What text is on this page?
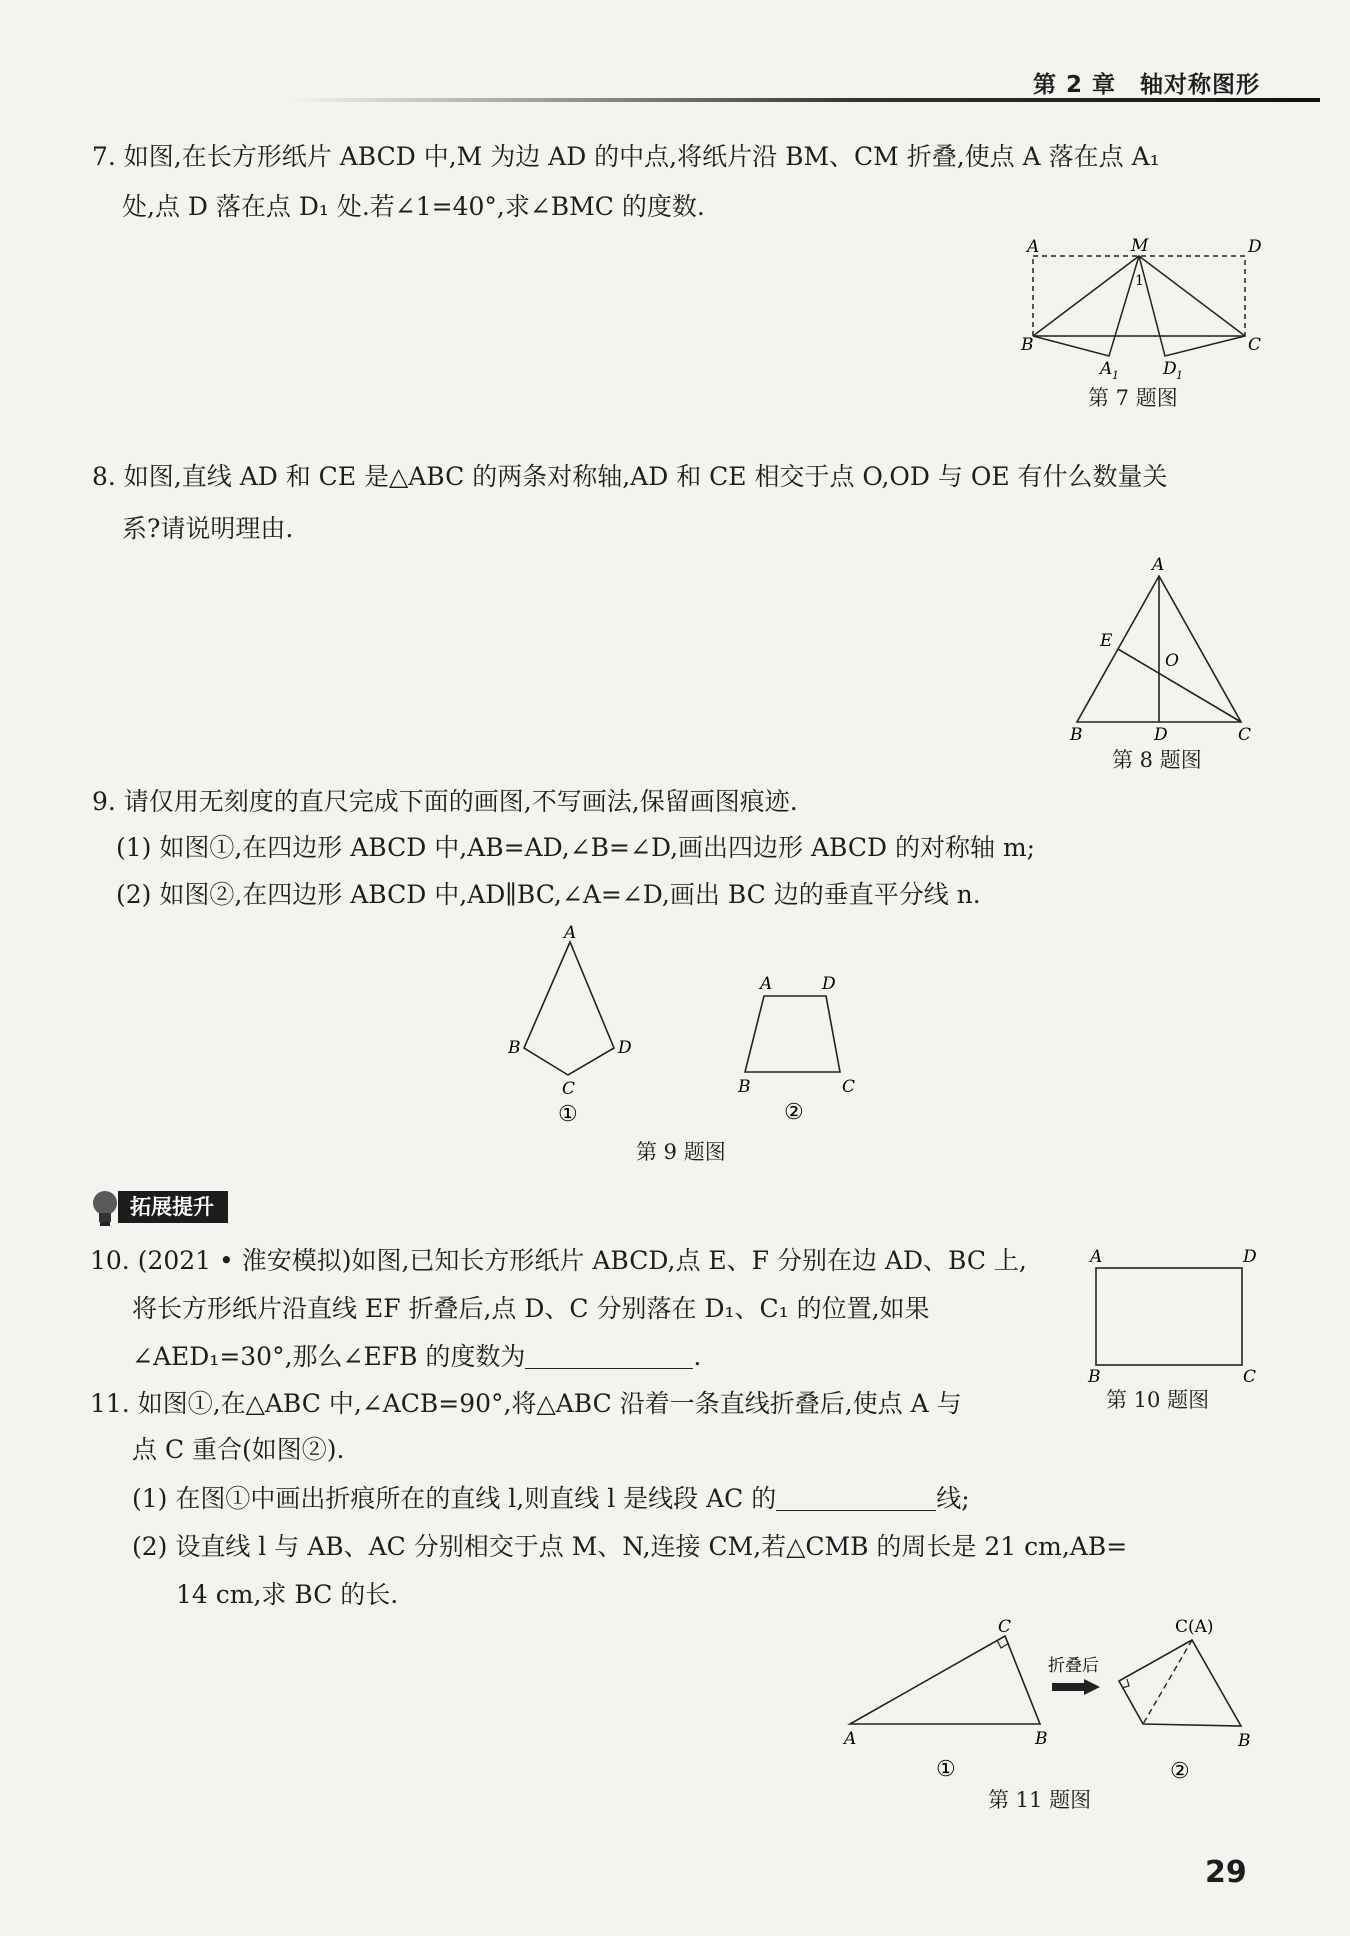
第 2 章　轴对称图形
7. 如图,在长方形纸片 ABCD 中,M 为边 AD 的中点,将纸片沿 BM、CM 折叠,使点 A 落在点 A₁
处,点 D 落在点 D₁ 处.若∠1=40°,求∠BMC 的度数.
A	M	D
1
B	C
A 1	D 1
第 7 题图
8. 如图,直线 AD 和 CE 是△ABC 的两条对称轴,AD 和 CE 相交于点 O,OD 与 OE 有什么数量关
系?请说明理由.
A
E
O
B	D	C
第 8 题图
9. 请仅用无刻度的直尺完成下面的画图,不写画法,保留画图痕迹.
(1) 如图①,在四边形 ABCD 中,AB=AD,∠B=∠D,画出四边形 ABCD 的对称轴 m;
(2) 如图②,在四边形 ABCD 中,AD∥BC,∠A=∠D,画出 BC 边的垂直平分线 n.
A
B
C
D
①
A	D
B	C
②
第 9 题图
拓展提升
10. (2021 • 淮安模拟)如图,已知长方形纸片 ABCD,点 E、F 分别在边 AD、BC 上,
将长方形纸片沿直线 EF 折叠后,点 D、C 分别落在 D₁、C₁ 的位置,如果
∠AED₁=30°,那么∠EFB 的度数为	.
A	D
B	C
第 10 题图
11. 如图①,在△ABC 中,∠ACB=90°,将△ABC 沿着一条直线折叠后,使点 A 与
点 C 重合(如图②).
(1) 在图①中画出折痕所在的直线 l,则直线 l 是线段 AC 的	线;
(2) 设直线 l 与 AB、AC 分别相交于点 M、N,连接 CM,若△CMB 的周长是 21 cm,AB=
14 cm,求 BC 的长.
A	B
C
①
折叠后
C(A)
B
②
第 11 题图
29
